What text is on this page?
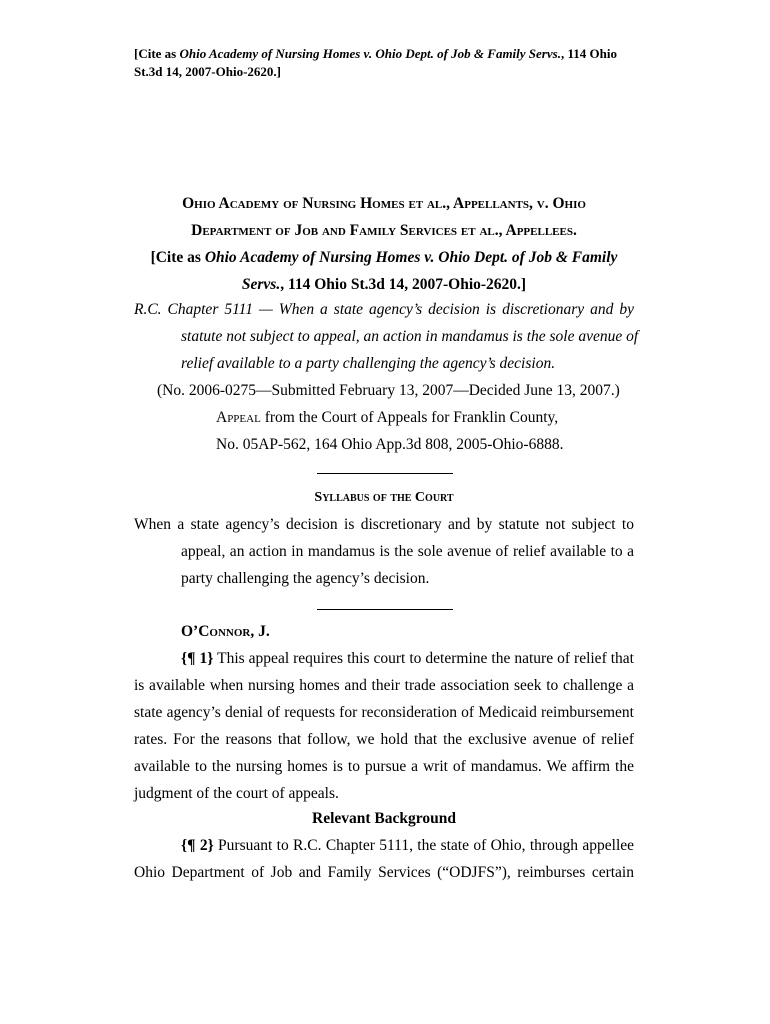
[Cite as Ohio Academy of Nursing Homes v. Ohio Dept. of Job & Family Servs., 114 Ohio
St.3d 14, 2007-Ohio-2620.]
Ohio Academy of Nursing Homes et al., Appellants, v. Ohio
Department of Job and Family Services et al., Appellees.
[Cite as Ohio Academy of Nursing Homes v. Ohio Dept. of Job & Family
Servs., 114 Ohio St.3d 14, 2007-Ohio-2620.]
R.C. Chapter 5111 — When a state agency’s decision is discretionary and by
statute not subject to appeal, an action in mandamus is the sole avenue of
relief available to a party challenging the agency’s decision.
(No. 2006-0275—Submitted February 13, 2007—Decided June 13, 2007.)
Appeal from the Court of Appeals for Franklin County,
No. 05AP-562, 164 Ohio App.3d 808, 2005-Ohio-6888.
Syllabus of the Court
When a state agency’s decision is discretionary and by statute not subject to
appeal, an action in mandamus is the sole avenue of relief available to a
party challenging the agency’s decision.
O’Connor, J.
{¶ 1} This appeal requires this court to determine the nature of relief that
is available when nursing homes and their trade association seek to challenge a
state agency’s denial of requests for reconsideration of Medicaid reimbursement
rates. For the reasons that follow, we hold that the exclusive avenue of relief
available to the nursing homes is to pursue a writ of mandamus. We affirm the
judgment of the court of appeals.
Relevant Background
{¶ 2} Pursuant to R.C. Chapter 5111, the state of Ohio, through appellee
Ohio Department of Job and Family Services (“ODJFS”), reimburses certain
